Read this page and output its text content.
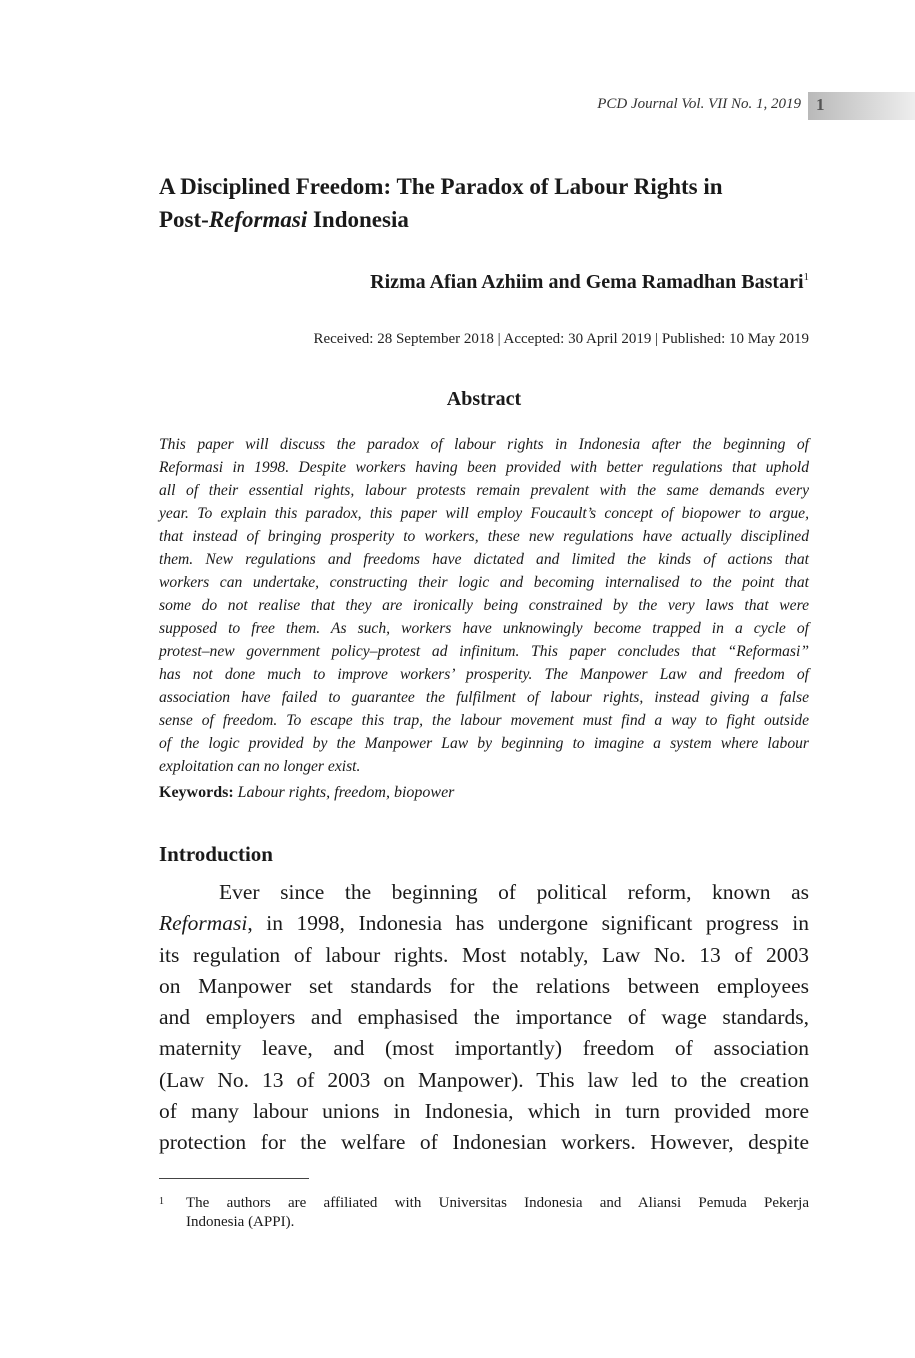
PCD Journal Vol. VII No. 1, 2019 1
A Disciplined Freedom: The Paradox of Labour Rights in
Post-Reformasi Indonesia
Rizma Afian Azhiim and Gema Ramadhan Bastari$^1$
Received: 28 September 2018 | Accepted: 30 April 2019 | Published: 10 May 2019
Abstract
This paper will discuss the paradox of labour rights in Indonesia after the beginning of
Reformasi in 1998. Despite workers having been provided with better regulations that uphold
all of their essential rights, labour protests remain prevalent with the same demands every
year. To explain this paradox, this paper will employ Foucault’s concept of biopower to argue,
that instead of bringing prosperity to workers, these new regulations have actually disciplined
them. New regulations and freedoms have dictated and limited the kinds of actions that
workers can undertake, constructing their logic and becoming internalised to the point that
some do not realise that they are ironically being constrained by the very laws that were
supposed to free them. As such, workers have unknowingly become trapped in a cycle of
protest–new government policy–protest ad infinitum. This paper concludes that “Reformasi”
has not done much to improve workers’ prosperity. The Manpower Law and freedom of
association have failed to guarantee the fulfilment of labour rights, instead giving a false
sense of freedom. To escape this trap, the labour movement must find a way to fight outside
of the logic provided by the Manpower Law by beginning to imagine a system where labour
exploitation can no longer exist.
Keywords: Labour rights, freedom, biopower
Introduction
Ever since the beginning of political reform, known as
Reformasi, in 1998, Indonesia has undergone significant progress in
its regulation of labour rights. Most notably, Law No. 13 of 2003
on Manpower set standards for the relations between employees
and employers and emphasised the importance of wage standards,
maternity leave, and (most importantly) freedom of association
(Law No. 13 of 2003 on Manpower). This law led to the creation
of many labour unions in Indonesia, which in turn provided more
protection for the welfare of Indonesian workers. However, despite
1 The authors are affiliated with Universitas Indonesia and Aliansi Pemuda Pekerja
Indonesia (APPI).
